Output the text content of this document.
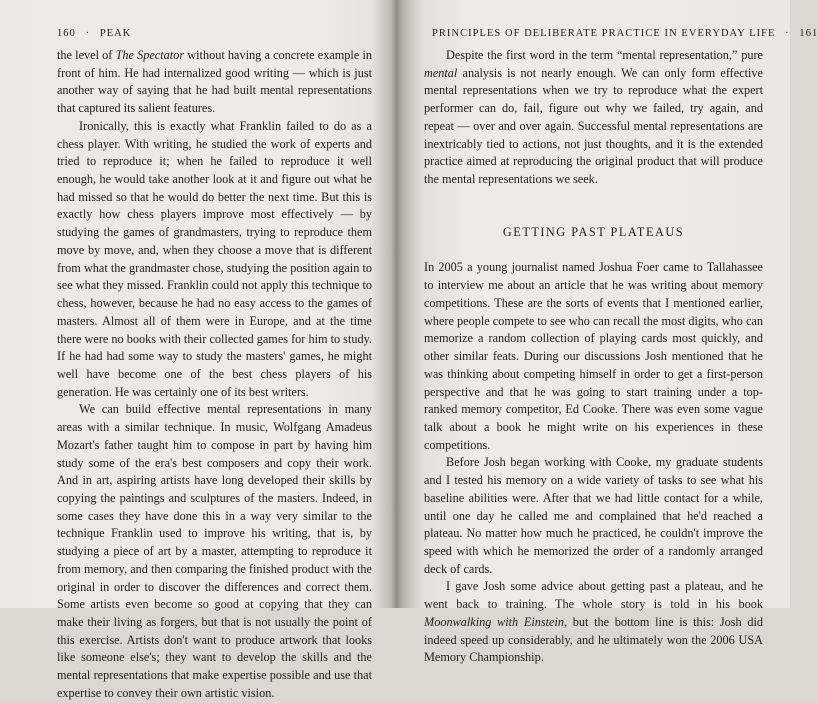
160 · PEAK

the level of The Spectator without having a concrete example in front of him. He had internalized good writing — which is just another way of saying that he had built mental representations that captured its salient features.

Ironically, this is exactly what Franklin failed to do as a chess player. With writing, he studied the work of experts and tried to reproduce it; when he failed to reproduce it well enough, he would take another look at it and figure out what he had missed so that he would do better the next time. But this is exactly how chess players improve most effectively — by studying the games of grandmasters, trying to reproduce them move by move, and, when they choose a move that is different from what the grandmaster chose, studying the position again to see what they missed. Franklin could not apply this technique to chess, however, because he had no easy access to the games of masters. Almost all of them were in Europe, and at the time there were no books with their collected games for him to study. If he had had some way to study the masters' games, he might well have become one of the best chess players of his generation. He was certainly one of its best writers.

We can build effective mental representations in many areas with a similar technique. In music, Wolfgang Amadeus Mozart's father taught him to compose in part by having him study some of the era's best composers and copy their work. And in art, aspiring artists have long developed their skills by copying the paintings and sculptures of the masters. Indeed, in some cases they have done this in a way very similar to the technique Franklin used to improve his writing, that is, by studying a piece of art by a master, attempting to reproduce it from memory, and then comparing the finished product with the original in order to discover the differences and correct them. Some artists even become so good at copying that they can make their living as forgers, but that is not usually the point of this exercise. Artists don't want to produce artwork that looks like someone else's; they want to develop the skills and the mental representations that make expertise possible and use that expertise to convey their own artistic vision.

PRINCIPLES OF DELIBERATE PRACTICE IN EVERYDAY LIFE · 161

Despite the first word in the term “mental representation,” pure mental analysis is not nearly enough. We can only form effective mental representations when we try to reproduce what the expert performer can do, fail, figure out why we failed, try again, and repeat — over and over again. Successful mental representations are inextricably tied to actions, not just thoughts, and it is the extended practice aimed at reproducing the original product that will produce the mental representations we seek.

GETTING PAST PLATEAUS

In 2005 a young journalist named Joshua Foer came to Tallahassee to interview me about an article that he was writing about memory competitions. These are the sorts of events that I mentioned earlier, where people compete to see who can recall the most digits, who can memorize a random collection of playing cards most quickly, and other similar feats. During our discussions Josh mentioned that he was thinking about competing himself in order to get a first-person perspective and that he was going to start training under a top-ranked memory competitor, Ed Cooke. There was even some vague talk about a book he might write on his experiences in these competitions.

Before Josh began working with Cooke, my graduate students and I tested his memory on a wide variety of tasks to see what his baseline abilities were. After that we had little contact for a while, until one day he called me and complained that he'd reached a plateau. No matter how much he practiced, he couldn't improve the speed with which he memorized the order of a randomly arranged deck of cards.

I gave Josh some advice about getting past a plateau, and he went back to training. The whole story is told in his book Moonwalking with Einstein, but the bottom line is this: Josh did indeed speed up considerably, and he ultimately won the 2006 USA Memory Championship.
